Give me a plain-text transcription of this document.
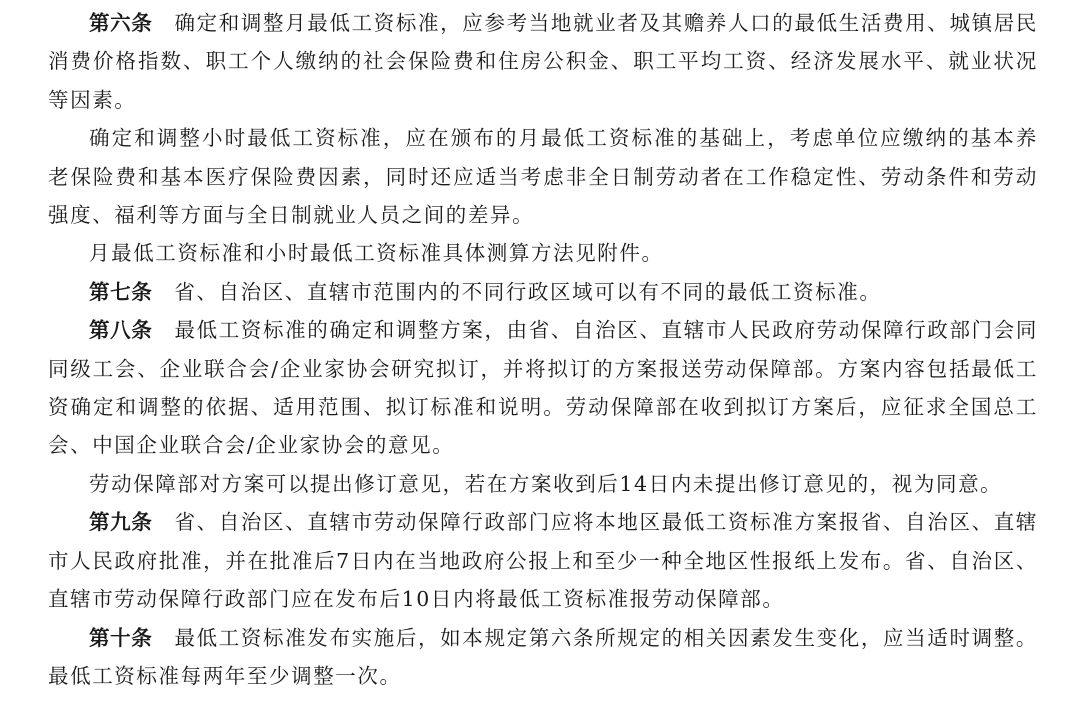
第六条 确定和调整月最低工资标准，应参考当地就业者及其赡养人口的最低生活费用、城镇居民消费价格指数、职工个人缴纳的社会保险费和住房公积金、职工平均工资、经济发展水平、就业状况等因素。

确定和调整小时最低工资标准，应在颁布的月最低工资标准的基础上，考虑单位应缴纳的基本养老保险费和基本医疗保险费因素，同时还应适当考虑非全日制劳动者在工作稳定性、劳动条件和劳动强度、福利等方面与全日制就业人员之间的差异。

月最低工资标准和小时最低工资标准具体测算方法见附件。

第七条 省、自治区、直辖市范围内的不同行政区域可以有不同的最低工资标准。

第八条 最低工资标准的确定和调整方案，由省、自治区、直辖市人民政府劳动保障行政部门会同同级工会、企业联合会/企业家协会研究拟订，并将拟订的方案报送劳动保障部。方案内容包括最低工资确定和调整的依据、适用范围、拟订标准和说明。劳动保障部在收到拟订方案后，应征求全国总工会、中国企业联合会/企业家协会的意见。

劳动保障部对方案可以提出修订意见，若在方案收到后14日内未提出修订意见的，视为同意。

第九条 省、自治区、直辖市劳动保障行政部门应将本地区最低工资标准方案报省、自治区、直辖市人民政府批准，并在批准后7日内在当地政府公报上和至少一种全地区性报纸上发布。省、自治区、直辖市劳动保障行政部门应在发布后10日内将最低工资标准报劳动保障部。

第十条 最低工资标准发布实施后，如本规定第六条所规定的相关因素发生变化，应当适时调整。最低工资标准每两年至少调整一次。
